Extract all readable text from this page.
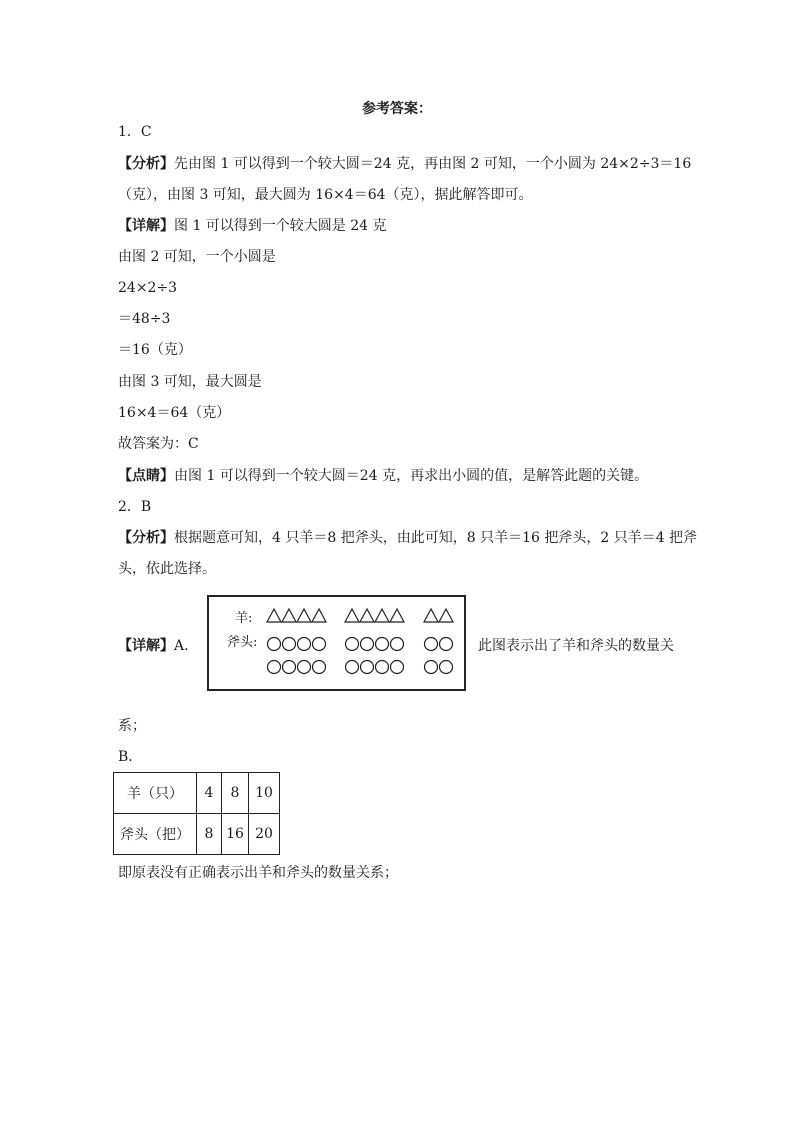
参考答案：
1．C
【分析】先由图 1 可以得到一个较大圆＝24 克，再由图 2 可知，一个小圆为 24×2÷3＝16
（克），由图 3 可知，最大圆为 16×4＝64（克），据此解答即可。
【详解】图 1 可以得到一个较大圆是 24 克
由图 2 可知，一个小圆是
24×2÷3
＝48÷3
＝16（克）
由图 3 可知，最大圆是
16×4＝64（克）
故答案为：C
【点睛】由图 1 可以得到一个较大圆＝24 克，再求出小圆的值，是解答此题的关键。
2．B
【分析】根据题意可知，4 只羊＝8 把斧头，由此可知，8 只羊＝16 把斧头，2 只羊＝4 把斧
头，依此选择。
【详解】A．
羊:
斧头:	此图表示出了羊和斧头的数量关
系；
B．
羊（只）	4	8	10
斧头（把）	8	16	20
即原表没有正确表示出羊和斧头的数量关系；
